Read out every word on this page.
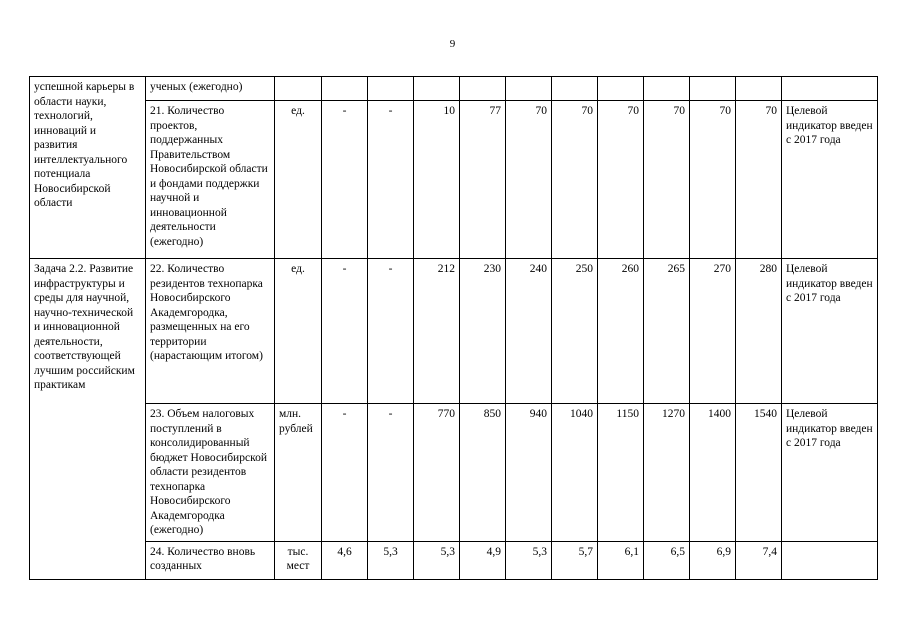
9
успешной карьеры в области науки, технологий, инноваций и развития интеллектуального потенциала Новосибирской области	ученых (ежегодно)												
	21. Количество проектов, поддержанных Правительством Новосибирской области и фондами поддержки научной и инновационной деятельности (ежегодно)	ед.	-	-	10	77	70	70	70	70	70	70	Целевой индикатор введен с 2017 года
Задача 2.2. Развитие инфраструктуры и среды для научной, научно-технической и инновационной деятельности, соответствующей лучшим российским практикам	22. Количество резидентов технопарка Новосибирского Академгородка, размещенных на его территории (нарастающим итогом)	ед.	-	-	212	230	240	250	260	265	270	280	Целевой индикатор введен с 2017 года
	23. Объем налоговых поступлений в консолидированный бюджет Новосибирской области резидентов технопарка Новосибирского Академгородка (ежегодно)	млн. рублей	-	-	770	850	940	1040	1150	1270	1400	1540	Целевой индикатор введен с 2017 года
	24. Количество вновь созданных	тыс. мест	4,6	5,3	5,3	4,9	5,3	5,7	6,1	6,5	6,9	7,4	
